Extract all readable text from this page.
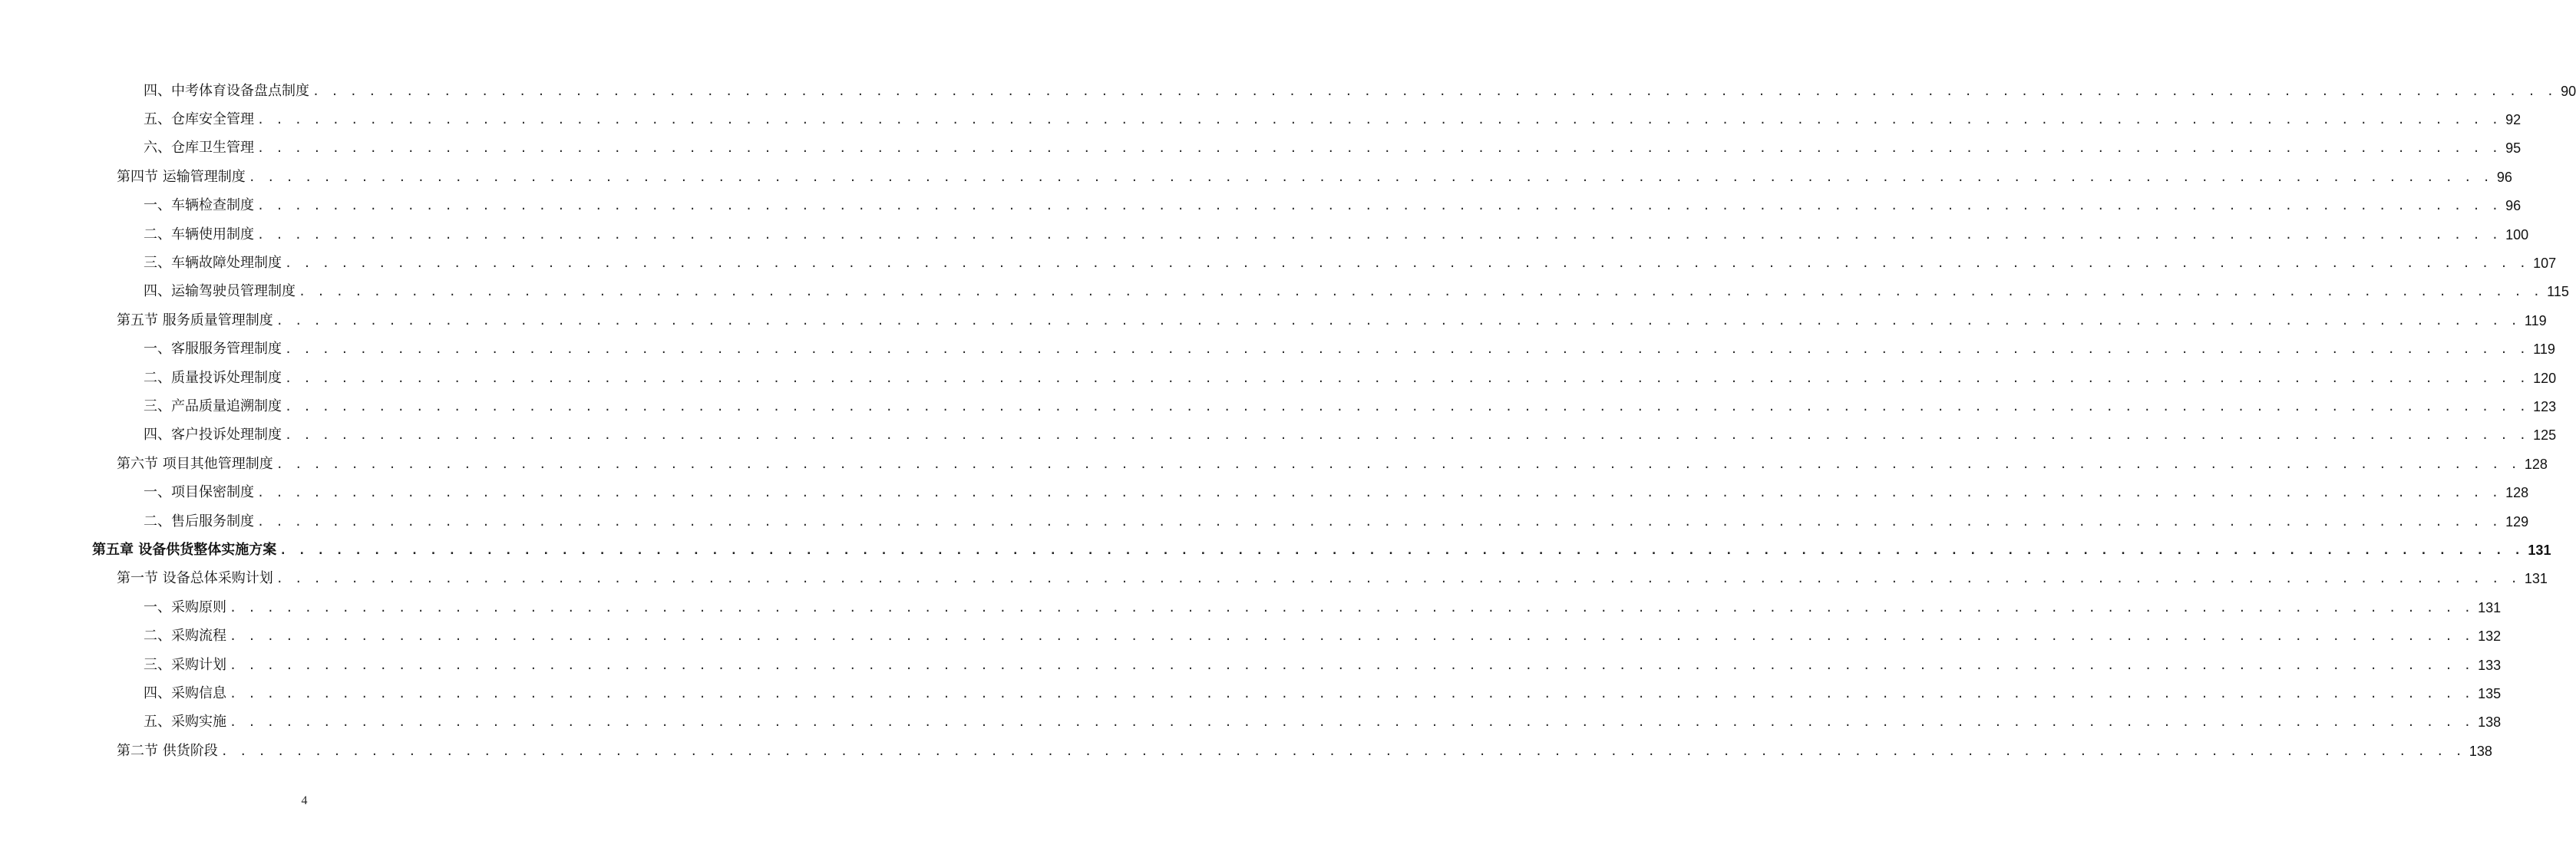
四、中考体育设备盘点制度 . . . . . . . . . . . . . . . . . . . . . . . . . . . . . . . . . . . . . . . . . . . . . . . . . . . . . . . . . . . . . . . . . . . . . . . . . . . . . . . . . . . . . . . . . . . . . . . . . . . . . . . . . . . . . . . . . . . . . . . . 90
五、仓库安全管理 . . . . . . . . . . . . . . . . . . . . . . . . . . . . . . . . . . . . . . . . . . . . . . . . . . . . . . . . . . . . . . . . . . . . . . . . . . . . . . . . . . . . . . . . . . . . . . . . . . . . . . . . . . . . . . . . . . . . . . . . 92
六、仓库卫生管理 . . . . . . . . . . . . . . . . . . . . . . . . . . . . . . . . . . . . . . . . . . . . . . . . . . . . . . . . . . . . . . . . . . . . . . . . . . . . . . . . . . . . . . . . . . . . . . . . . . . . . . . . . . . . . . . . . . . . . . . . 95
第四节 运输管理制度 . . . . . . . . . . . . . . . . . . . . . . . . . . . . . . . . . . . . . . . . . . . . . . . . . . . . . . . . . . . . . . . . . . . . . . . . . . . . . . . . . . . . . . . . . . . . . . . . . . . . . . . . . . . . . . . . . . . . . . . . 96
一、车辆检查制度 . . . . . . . . . . . . . . . . . . . . . . . . . . . . . . . . . . . . . . . . . . . . . . . . . . . . . . . . . . . . . . . . . . . . . . . . . . . . . . . . . . . . . . . . . . . . . . . . . . . . . . . . . . . . . . . . . . . . . . . . 96
二、车辆使用制度 . . . . . . . . . . . . . . . . . . . . . . . . . . . . . . . . . . . . . . . . . . . . . . . . . . . . . . . . . . . . . . . . . . . . . . . . . . . . . . . . . . . . . . . . . . . . . . . . . . . . . . . . . . . . . . . . . . . . . . . . 100
三、车辆故障处理制度 . . . . . . . . . . . . . . . . . . . . . . . . . . . . . . . . . . . . . . . . . . . . . . . . . . . . . . . . . . . . . . . . . . . . . . . . . . . . . . . . . . . . . . . . . . . . . . . . . . . . . . . . . . . . . . . . . . . . . . . . 107
四、运输驾驶员管理制度 . . . . . . . . . . . . . . . . . . . . . . . . . . . . . . . . . . . . . . . . . . . . . . . . . . . . . . . . . . . . . . . . . . . . . . . . . . . . . . . . . . . . . . . . . . . . . . . . . . . . . . . . . . . . . . . . . . . . . . . . 115
第五节 服务质量管理制度 . . . . . . . . . . . . . . . . . . . . . . . . . . . . . . . . . . . . . . . . . . . . . . . . . . . . . . . . . . . . . . . . . . . . . . . . . . . . . . . . . . . . . . . . . . . . . . . . . . . . . . . . . . . . . . . . . . . . . . . . 119
一、客服服务管理制度 . . . . . . . . . . . . . . . . . . . . . . . . . . . . . . . . . . . . . . . . . . . . . . . . . . . . . . . . . . . . . . . . . . . . . . . . . . . . . . . . . . . . . . . . . . . . . . . . . . . . . . . . . . . . . . . . . . . . . . . . 119
二、质量投诉处理制度 . . . . . . . . . . . . . . . . . . . . . . . . . . . . . . . . . . . . . . . . . . . . . . . . . . . . . . . . . . . . . . . . . . . . . . . . . . . . . . . . . . . . . . . . . . . . . . . . . . . . . . . . . . . . . . . . . . . . . . . . 120
三、产品质量追溯制度 . . . . . . . . . . . . . . . . . . . . . . . . . . . . . . . . . . . . . . . . . . . . . . . . . . . . . . . . . . . . . . . . . . . . . . . . . . . . . . . . . . . . . . . . . . . . . . . . . . . . . . . . . . . . . . . . . . . . . . . . 123
四、客户投诉处理制度 . . . . . . . . . . . . . . . . . . . . . . . . . . . . . . . . . . . . . . . . . . . . . . . . . . . . . . . . . . . . . . . . . . . . . . . . . . . . . . . . . . . . . . . . . . . . . . . . . . . . . . . . . . . . . . . . . . . . . . . . 125
第六节 项目其他管理制度 . . . . . . . . . . . . . . . . . . . . . . . . . . . . . . . . . . . . . . . . . . . . . . . . . . . . . . . . . . . . . . . . . . . . . . . . . . . . . . . . . . . . . . . . . . . . . . . . . . . . . . . . . . . . . . . . . . . . . . . . 128
一、项目保密制度 . . . . . . . . . . . . . . . . . . . . . . . . . . . . . . . . . . . . . . . . . . . . . . . . . . . . . . . . . . . . . . . . . . . . . . . . . . . . . . . . . . . . . . . . . . . . . . . . . . . . . . . . . . . . . . . . . . . . . . . . 128
二、售后服务制度 . . . . . . . . . . . . . . . . . . . . . . . . . . . . . . . . . . . . . . . . . . . . . . . . . . . . . . . . . . . . . . . . . . . . . . . . . . . . . . . . . . . . . . . . . . . . . . . . . . . . . . . . . . . . . . . . . . . . . . . . 129
第五章 设备供货整体实施方案 . . . . . . . . . . . . . . . . . . . . . . . . . . . . . . . . . . . . . . . . . . . . . . . . . . . . . . . . . . . . . . . . . . . . . . . . . . . . . . . . . . . . . . . . . . . . . . . . . . . . . . . . . . . . . . . . . . . . . . . . 131
第一节 设备总体采购计划 . . . . . . . . . . . . . . . . . . . . . . . . . . . . . . . . . . . . . . . . . . . . . . . . . . . . . . . . . . . . . . . . . . . . . . . . . . . . . . . . . . . . . . . . . . . . . . . . . . . . . . . . . . . . . . . . . . . . . . . . 131
一、采购原则 . . . . . . . . . . . . . . . . . . . . . . . . . . . . . . . . . . . . . . . . . . . . . . . . . . . . . . . . . . . . . . . . . . . . . . . . . . . . . . . . . . . . . . . . . . . . . . . . . . . . . . . . . . . . . . . . . . . . . . . . 131
二、采购流程 . . . . . . . . . . . . . . . . . . . . . . . . . . . . . . . . . . . . . . . . . . . . . . . . . . . . . . . . . . . . . . . . . . . . . . . . . . . . . . . . . . . . . . . . . . . . . . . . . . . . . . . . . . . . . . . . . . . . . . . . 132
三、采购计划 . . . . . . . . . . . . . . . . . . . . . . . . . . . . . . . . . . . . . . . . . . . . . . . . . . . . . . . . . . . . . . . . . . . . . . . . . . . . . . . . . . . . . . . . . . . . . . . . . . . . . . . . . . . . . . . . . . . . . . . . 133
四、采购信息 . . . . . . . . . . . . . . . . . . . . . . . . . . . . . . . . . . . . . . . . . . . . . . . . . . . . . . . . . . . . . . . . . . . . . . . . . . . . . . . . . . . . . . . . . . . . . . . . . . . . . . . . . . . . . . . . . . . . . . . . 135
五、采购实施 . . . . . . . . . . . . . . . . . . . . . . . . . . . . . . . . . . . . . . . . . . . . . . . . . . . . . . . . . . . . . . . . . . . . . . . . . . . . . . . . . . . . . . . . . . . . . . . . . . . . . . . . . . . . . . . . . . . . . . . . 138
第二节 供货阶段 . . . . . . . . . . . . . . . . . . . . . . . . . . . . . . . . . . . . . . . . . . . . . . . . . . . . . . . . . . . . . . . . . . . . . . . . . . . . . . . . . . . . . . . . . . . . . . . . . . . . . . . . . . . . . . . . . . . . . . . . 138
4
